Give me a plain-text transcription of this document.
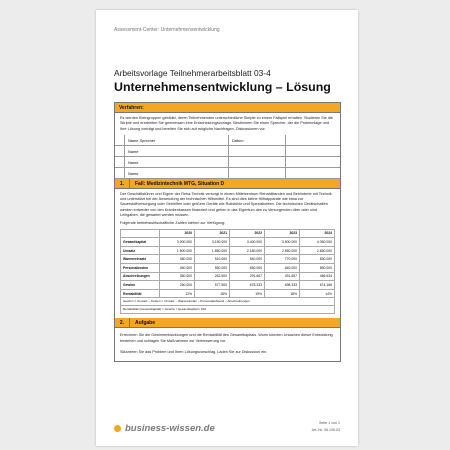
Assessment-Center: Unternehmensentwicklung
Arbeitsvorlage Teilnehmerarbeitsblatt 03-4
Unternehmensentwicklung – Lösung
Verfahren:
Es werden Kleingruppen gebildet, deren Teilnehmenden unterschiedliche Skripte zu einem Fallspiel erhalten. Studieren Sie die Skripte und erarbeiten Sie gemeinsam eine Entscheidungsvorlage. Bestimmen Sie einen Sprecher, der die Problemlage und Ihre Lösung vorträgt und bereiten Sie sich auf mögliche Nachfragen, Diskussionen vor.
Name Sprecher	Datum
Name
Name
Name
1.	Fall: Medizintechnik MTG, Situation D
Der Geschäftsführer und Eigner der Reha-Technik versorgt in einem Mittelzentrum Rehabilitanden und Behinderte mit Technik und unterstützt bei der Anwendung der technischen Hilfsmittel. Es sind dies kleine Hilfsapparate wie etwa zur Sauerstoffversorgung oder Gehhilfen oder größere Geräte wie Rollstühle und Spezialbetten. Die technischen Gerätschaften werden entweder von den Krankenkassen finanziert und gehen in das Eigentum des zu Versorgenden über oder sind Leihgaben, die gewartet werden müssen.
Folgende betriebswirtschaftliche Zahlen stehen zur Verfügung:
	2020	2021	2022	2023	2024
Gesamtkapital	3.000.000	3.150.000	3.400.000	3.500.000	4.050.000
Umsatz	1.500.000	1.850.000	2.180.000	2.550.000	2.650.000
Warenreinsatz	450.000	510.000	540.000	770.000	830.000
Personalkosten	450.000	550.000	650.000	640.000	850.000
Abschreibungen	350.000	262.500	291.667	491.667	466.634
Gewinn	250.000	577.500	678.333	698.333	674.166
Rentabilität	12%	18%	19%	18%	14%
Gewinn = Umsatz – Kosten = Umsatz – Wareneinsatz – Personalaufwand – Abschreibungen
Rentabilität (Gesamtkapital) = Gewinn / Gesamtkapital x 100
2.	Aufgabe
Errechnen Sie die Gewinnentwicklungen und die Rentabilität des Gesamtkapitals. Worin könnten Ursachen dieser Entwicklung bestehen und schlagen Sie Maßnahmen zur Verbesserung vor.
Skizzieren Sie das Problem und Ihren Lösungsvorschlag. Laden Sie zur Diskussion ein.
business-wissen.de	Seite 1 von 1
Art.-Nr. 06.195.03
